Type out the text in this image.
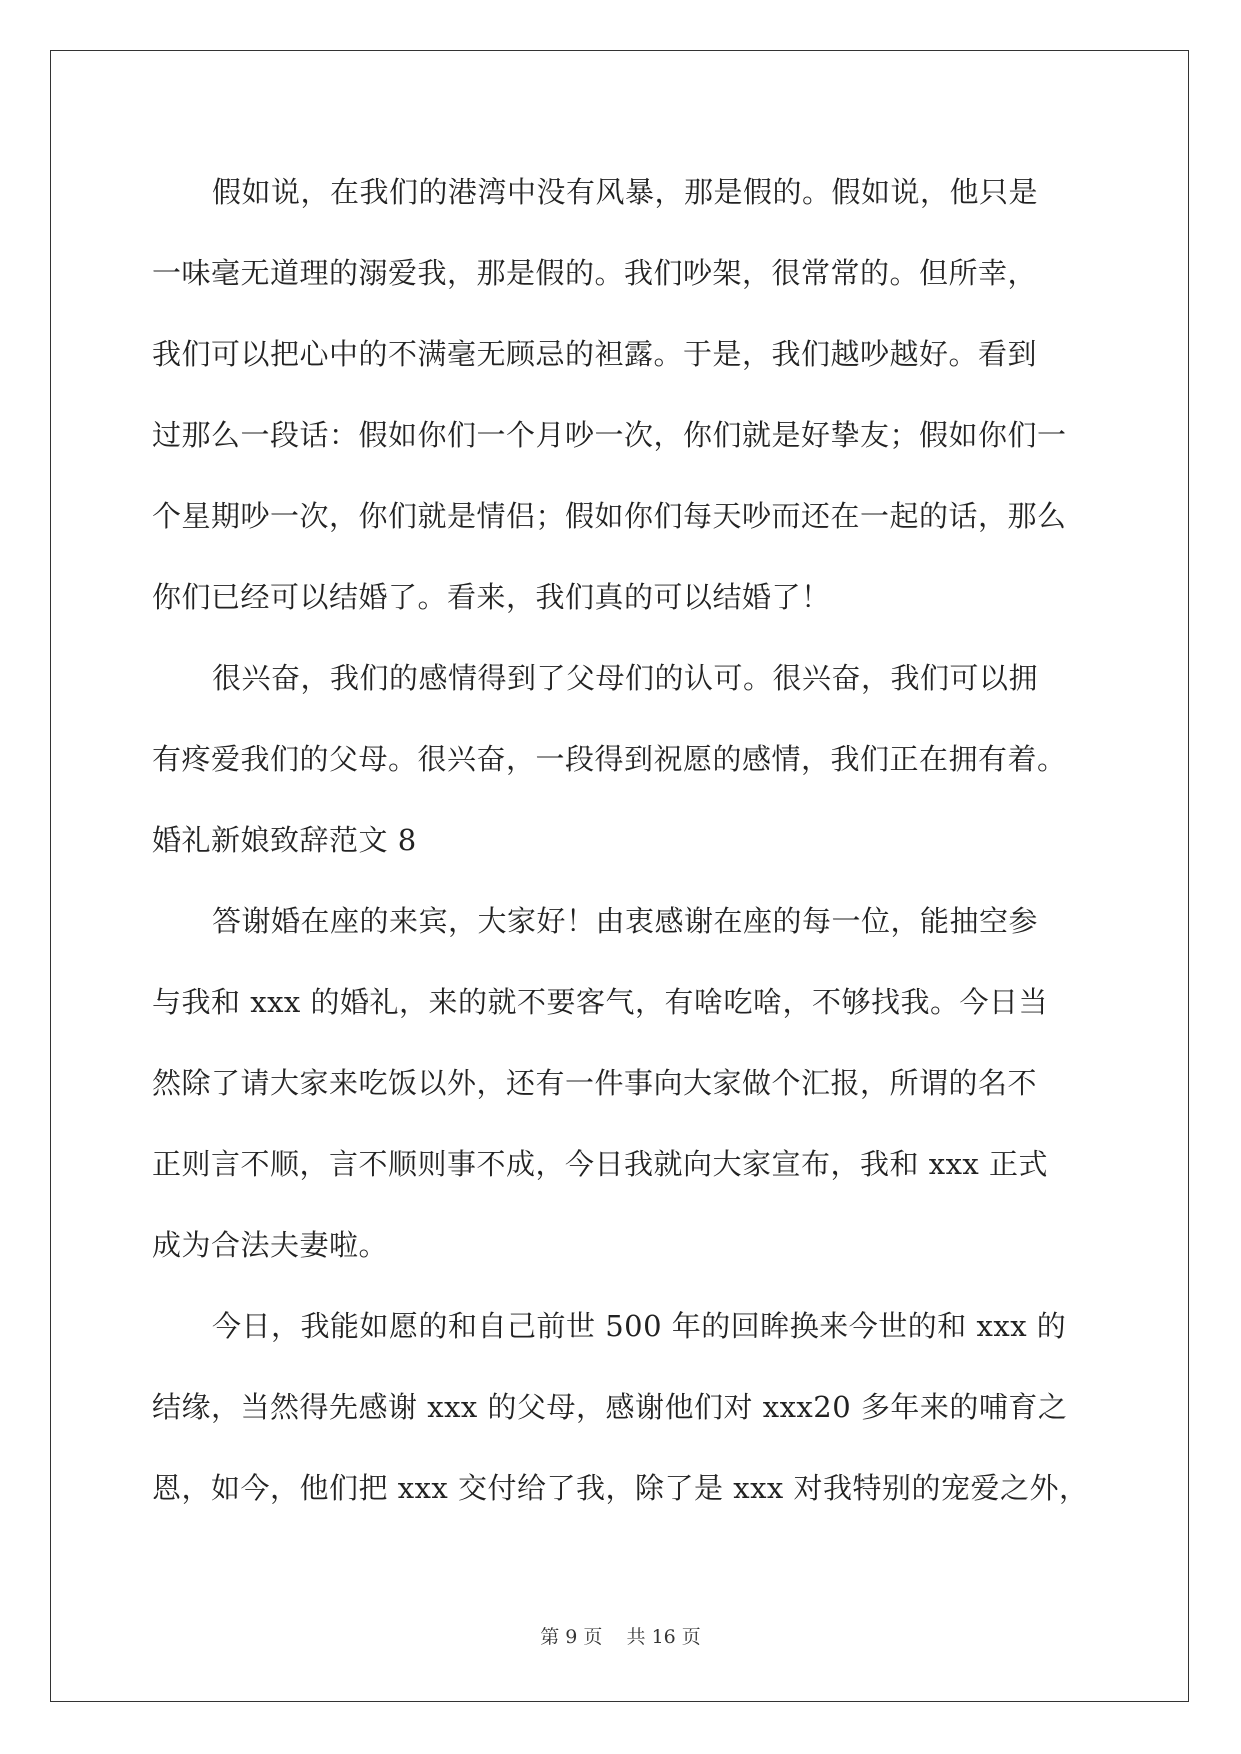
假如说，在我们的港湾中没有风暴，那是假的。假如说，他只是
一味毫无道理的溺爱我，那是假的。我们吵架，很常常的。但所幸，
我们可以把心中的不满毫无顾忌的袒露。于是，我们越吵越好。看到
过那么一段话：假如你们一个月吵一次，你们就是好挚友；假如你们一
个星期吵一次，你们就是情侣；假如你们每天吵而还在一起的话，那么
你们已经可以结婚了。看来，我们真的可以结婚了！
很兴奋，我们的感情得到了父母们的认可。很兴奋，我们可以拥
有疼爱我们的父母。很兴奋，一段得到祝愿的感情，我们正在拥有着。
婚礼新娘致辞范文 8
答谢婚在座的来宾，大家好！由衷感谢在座的每一位，能抽空参
与我和 xxx 的婚礼，来的就不要客气，有啥吃啥，不够找我。今日当
然除了请大家来吃饭以外，还有一件事向大家做个汇报，所谓的名不
正则言不顺，言不顺则事不成，今日我就向大家宣布，我和 xxx 正式
成为合法夫妻啦。
今日，我能如愿的和自己前世 500 年的回眸换来今世的和 xxx 的
结缘，当然得先感谢 xxx 的父母，感谢他们对 xxx20 多年来的哺育之
恩，如今，他们把 xxx 交付给了我，除了是 xxx 对我特别的宠爱之外，
第 9 页    共 16 页
